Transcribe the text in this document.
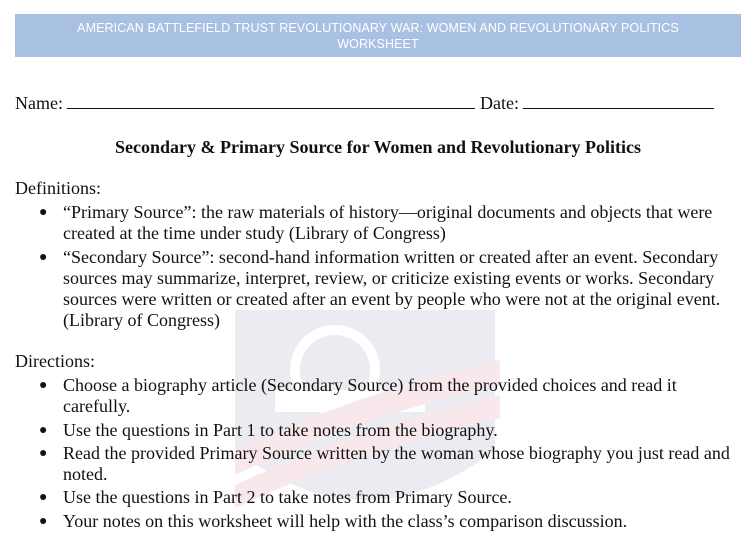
AMERICAN BATTLEFIELD TRUST REVOLUTIONARY WAR: WOMEN AND REVOLUTIONARY POLITICS WORKSHEET
Name:	Date:
Secondary & Primary Source for Women and Revolutionary Politics
Definitions:
● “Primary Source”: the raw materials of history—original documents and objects that were created at the time under study (Library of Congress)
● “Secondary Source”: second-hand information written or created after an event. Secondary sources may summarize, interpret, review, or criticize existing events or works. Secondary sources were written or created after an event by people who were not at the original event. (Library of Congress)
Directions:
● Choose a biography article (Secondary Source) from the provided choices and read it carefully.
● Use the questions in Part 1 to take notes from the biography.
● Read the provided Primary Source written by the woman whose biography you just read and noted.
● Use the questions in Part 2 to take notes from Primary Source.
● Your notes on this worksheet will help with the class’s comparison discussion.
